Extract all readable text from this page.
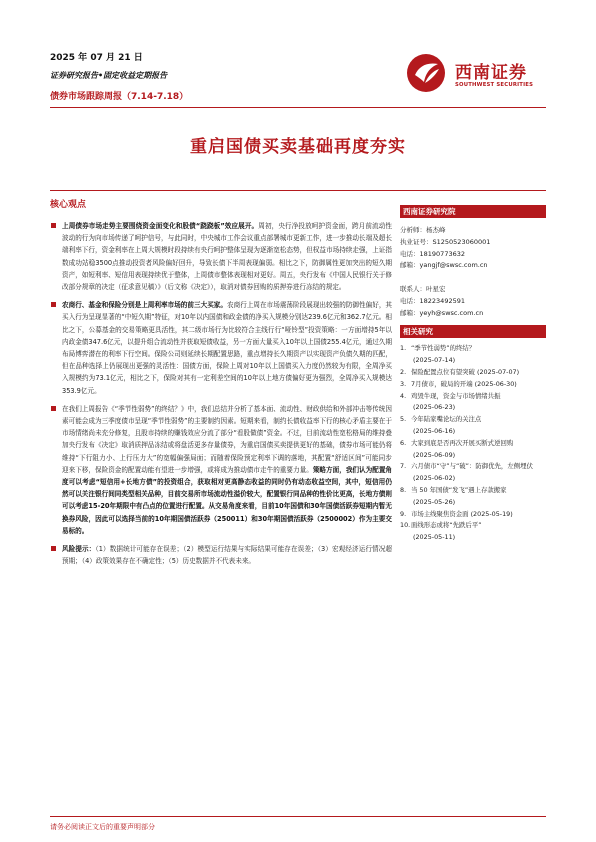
2025 年 07 月 21 日
证券研究报告•固定收益定期报告
债券市场跟踪周报（7.14-7.18）
西南证券
SOUTHWEST SECURITIES
重启国债买卖基础再度夯实
核心观点
上周债券市场走势主要围绕资金面变化和股债“跷跷板”效应展开。周初，央行净投放呵护资金面，跨月前流动性波动的行为向市场传递了呵护信号，与此同时，中央城市工作会议重点部署城市更新工作，进一步推动长端及超长端利率下行，资金利率在上周大规模时段持续有央行呵护整体呈现为逐渐宽松态势，但权益市场持续走强，上证指数成功站稳3500点推动投资者风险偏好回升，导致长债下半周表现偏弱。相比之下，防御属性更加突出的短久期资产，如短利率、短信用表现持续优于整体，上周债市整体表现相对更好。周五，央行发布《中国人民银行关于修改部分规章的决定（征求意见稿）》（后文称《决定》），取消对债券回购的质押券进行冻结的规定。
农商行、基金和保险分别是上周利率市场的前三大买家。农商行上周在市场震荡阶段展现出较强的防御性偏好，其买入行为呈现显著的“中短久期”特征，对10年以内国债和政金债的净买入规模分别达239.6亿元和362.7亿元。相比之下，公募基金的交易策略更具活性，其二级市场行为比较符合主线行行“哑铃型”投资策略：一方面增持5年以内政金债347.6亿元，以提升组合流动性并获取短债收益，另一方面大量买入10年以上国债255.4亿元，通过久期布局博弈潜在的利率下行空间。保险公司则延续长期配置思路，重点增持长久期资产以实现资产负债久期的匹配，但在品种选择上仍展现出更强的灵活性：国债方面，保险上周对10年以上国债买入力度仍然较为有限，全周净买入规模约为73.1亿元，相比之下，保险对其有一定利差空间的10年以上地方债偏好更为强烈，全周净买入规模达353.9亿元。
在我们上周报告《“季节性弱势”的终结？》中，我们总结并分析了基本面、流动性、财政供给和外部冲击等传统因素可能会成为三季度债市呈现“季节性弱势”的主要制约因素。短期来看，制约长债收益率下行的核心矛盾主要在于市场情绪尚未充分修复，且股市持续的赚钱效应分流了部分“看股做债”资金。不过，目前流动性宽松格局的维持叠加央行发布《决定》取消质押品冻结或将盘活更多存量债券，为重启国债买卖提供更好的基础，债券市场可能仍将维持“下行阻力小、上行压力大”的宽幅偏强局面；而随着保险预定利率下调的落地，其配置“舒适区间”可能同步迎来下移，保险资金的配置动能有望进一步增强，或将成为推动债市走牛的重要力量。策略方面，我们认为配置角度可以考虑“短信用+长地方债”的投资组合，获取相对更高静态收益的同时仍有动态收益空间，其中，短信用仍然可以关注银行间同类型相关品种，目前交易所市场流动性溢价较大，配置银行同品种的性价比更高，长地方债则可以考虑15-20年期限中有凸点的位置进行配置。从交易角度来看，目前10年国债和30年国债活跃券短期内暂无换券风险，因此可以选择当前的10年期国债活跃券（250011）和30年期国债活跃券（2500002）作为主要交易标的。
风险提示：（1）数据统计可能存在误差；（2）模型运行结果与实际结果可能存在误差；（3）宏观经济运行情况超预期；（4）政策效果存在不确定性；（5）历史数据并不代表未来。
西南证券研究院
分析师：杨杰峰
执业证号：S1250523060001
电话：18190773632
邮箱：yangjf@swsc.com.cn
联系人：叶星宏
电话：18223492591
邮箱：yeyh@swsc.com.cn
相关研究
1. “季节性弱势”的终结？
(2025-07-14)
2. 保险配置点位有望突破 (2025-07-07)
3. 7月债市，破局的开端 (2025-06-30)
4. 鸡毁牛现，资金与市场情绪共振
(2025-06-23)
5. 今年陆家嘴论坛的关注点
(2025-06-16)
6. 大家到底是否再次开展买断式逆回购
(2025-06-09)
7. 六月债市“守”与“破”：防御优先，左侧埋伏
(2025-06-02)
8. 当 50 年国债“发飞”遇上存款搬家
(2025-05-26)
9. 市场主线聚焦资金面 (2025-05-19)
10. 面线形态或将“先跌后平”
(2025-05-11)
请务必阅读正文后的重要声明部分
